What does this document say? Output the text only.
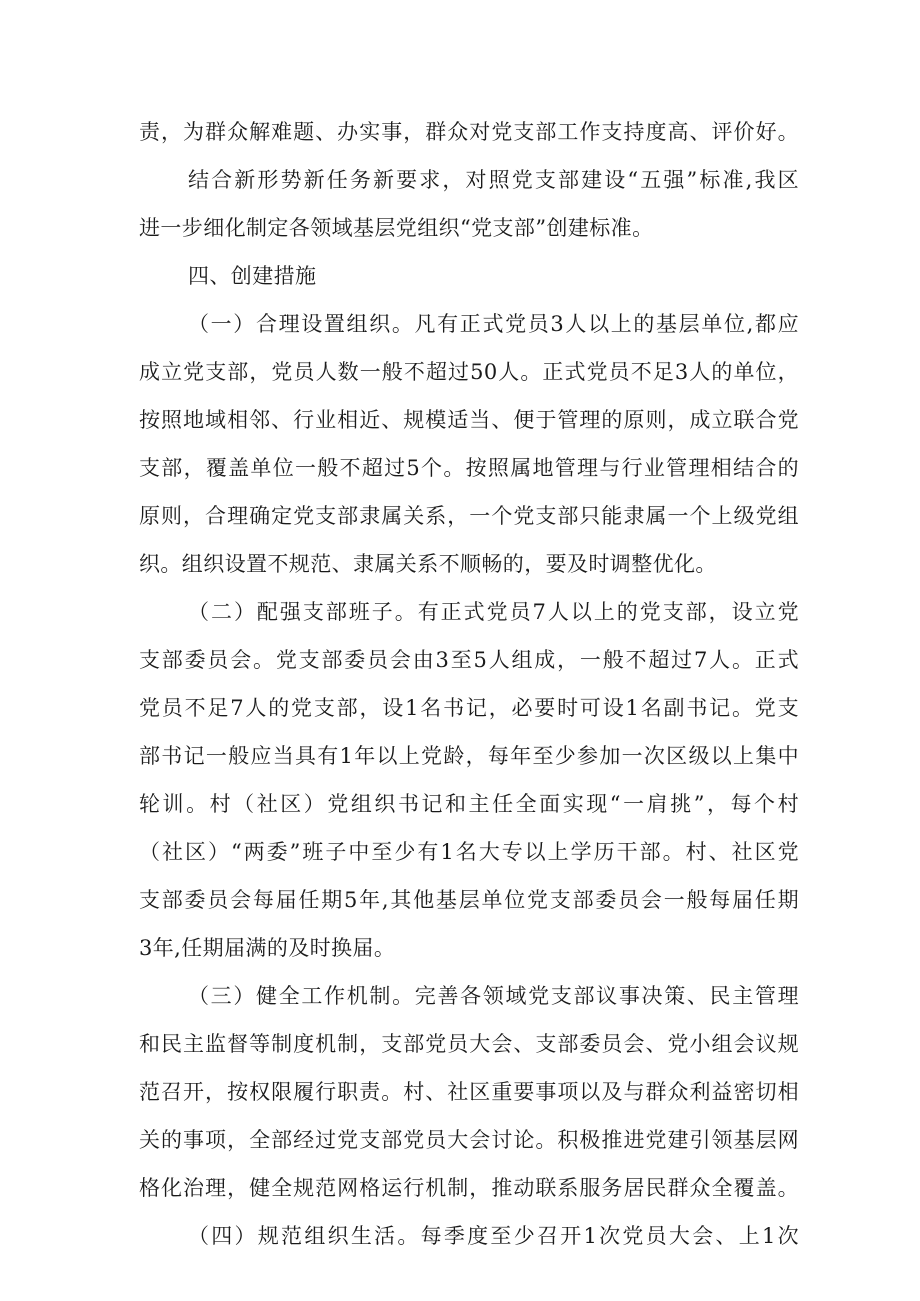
责，为群众解难题、办实事，群众对党支部工作支持度高、评价好。
结合新形势新任务新要求，对照党支部建设“五强”标准,我区
进一步细化制定各领域基层党组织“党支部”创建标准。
四、创建措施
（一）合理设置组织。凡有正式党员3人以上的基层单位,都应
成立党支部，党员人数一般不超过50人。正式党员不足3人的单位，
按照地域相邻、行业相近、规模适当、便于管理的原则，成立联合党
支部，覆盖单位一般不超过5个。按照属地管理与行业管理相结合的
原则，合理确定党支部隶属关系，一个党支部只能隶属一个上级党组
织。组织设置不规范、隶属关系不顺畅的，要及时调整优化。
（二）配强支部班子。有正式党员7人以上的党支部，设立党
支部委员会。党支部委员会由3至5人组成，一般不超过7人。正式
党员不足7人的党支部，设1名书记，必要时可设1名副书记。党支
部书记一般应当具有1年以上党龄，每年至少参加一次区级以上集中
轮训。村（社区）党组织书记和主任全面实现“一肩挑”，每个村
（社区）“两委”班子中至少有1名大专以上学历干部。村、社区党
支部委员会每届任期5年,其他基层单位党支部委员会一般每届任期
3年,任期届满的及时换届。
（三）健全工作机制。完善各领域党支部议事决策、民主管理
和民主监督等制度机制，支部党员大会、支部委员会、党小组会议规
范召开，按权限履行职责。村、社区重要事项以及与群众利益密切相
关的事项，全部经过党支部党员大会讨论。积极推进党建引领基层网
格化治理，健全规范网格运行机制，推动联系服务居民群众全覆盖。
（四）规范组织生活。每季度至少召开1次党员大会、上1次
